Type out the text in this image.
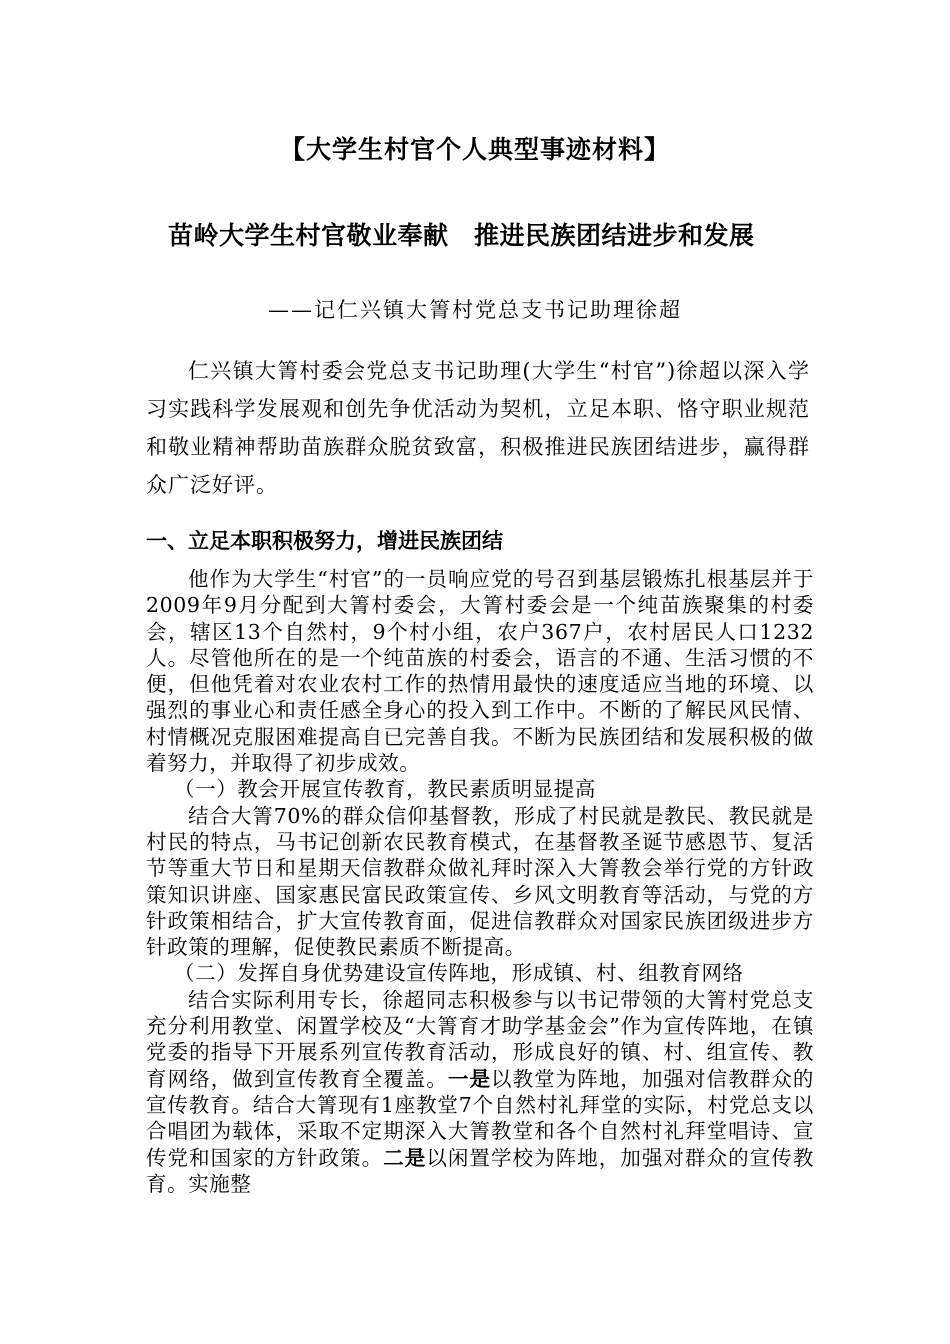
【大学生村官个人典型事迹材料】
苗岭大学生村官敬业奉献　推进民族团结进步和发展
——记仁兴镇大箐村党总支书记助理徐超

仁兴镇大箐村委会党总支书记助理(大学生“村官”)徐超以深入学习实践科学发展观和创先争优活动为契机，立足本职、恪守职业规范和敬业精神帮助苗族群众脱贫致富，积极推进民族团结进步，赢得群众广泛好评。

一、立足本职积极努力，增进民族团结

他作为大学生“村官”的一员响应党的号召到基层锻炼扎根基层并于2009年9月分配到大箐村委会，大箐村委会是一个纯苗族聚集的村委会，辖区13个自然村，9个村小组，农户367户，农村居民人口1232人。尽管他所在的是一个纯苗族的村委会，语言的不通、生活习惯的不便，但他凭着对农业农村工作的热情用最快的速度适应当地的环境、以强烈的事业心和责任感全身心的投入到工作中。不断的了解民风民情、村情概况克服困难提高自已完善自我。不断为民族团结和发展积极的做着努力，并取得了初步成效。

（一）教会开展宣传教育，教民素质明显提高

结合大箐70%的群众信仰基督教，形成了村民就是教民、教民就是村民的特点，马书记创新农民教育模式，在基督教圣诞节感恩节、复活节等重大节日和星期天信教群众做礼拜时深入大箐教会举行党的方针政策知识讲座、国家惠民富民政策宣传、乡风文明教育等活动，与党的方针政策相结合，扩大宣传教育面，促进信教群众对国家民族团级进步方针政策的理解，促使教民素质不断提高。

（二）发挥自身优势建设宣传阵地，形成镇、村、组教育网络

结合实际利用专长，徐超同志积极参与以书记带领的大箐村党总支充分利用教堂、闲置学校及“大箐育才助学基金会”作为宣传阵地，在镇党委的指导下开展系列宣传教育活动，形成良好的镇、村、组宣传、教育网络，做到宣传教育全覆盖。一是以教堂为阵地，加强对信教群众的宣传教育。结合大箐现有1座教堂7个自然村礼拜堂的实际，村党总支以合唱团为载体，采取不定期深入大箐教堂和各个自然村礼拜堂唱诗、宣传党和国家的方针政策。二是以闲置学校为阵地，加强对群众的宣传教育。实施整
